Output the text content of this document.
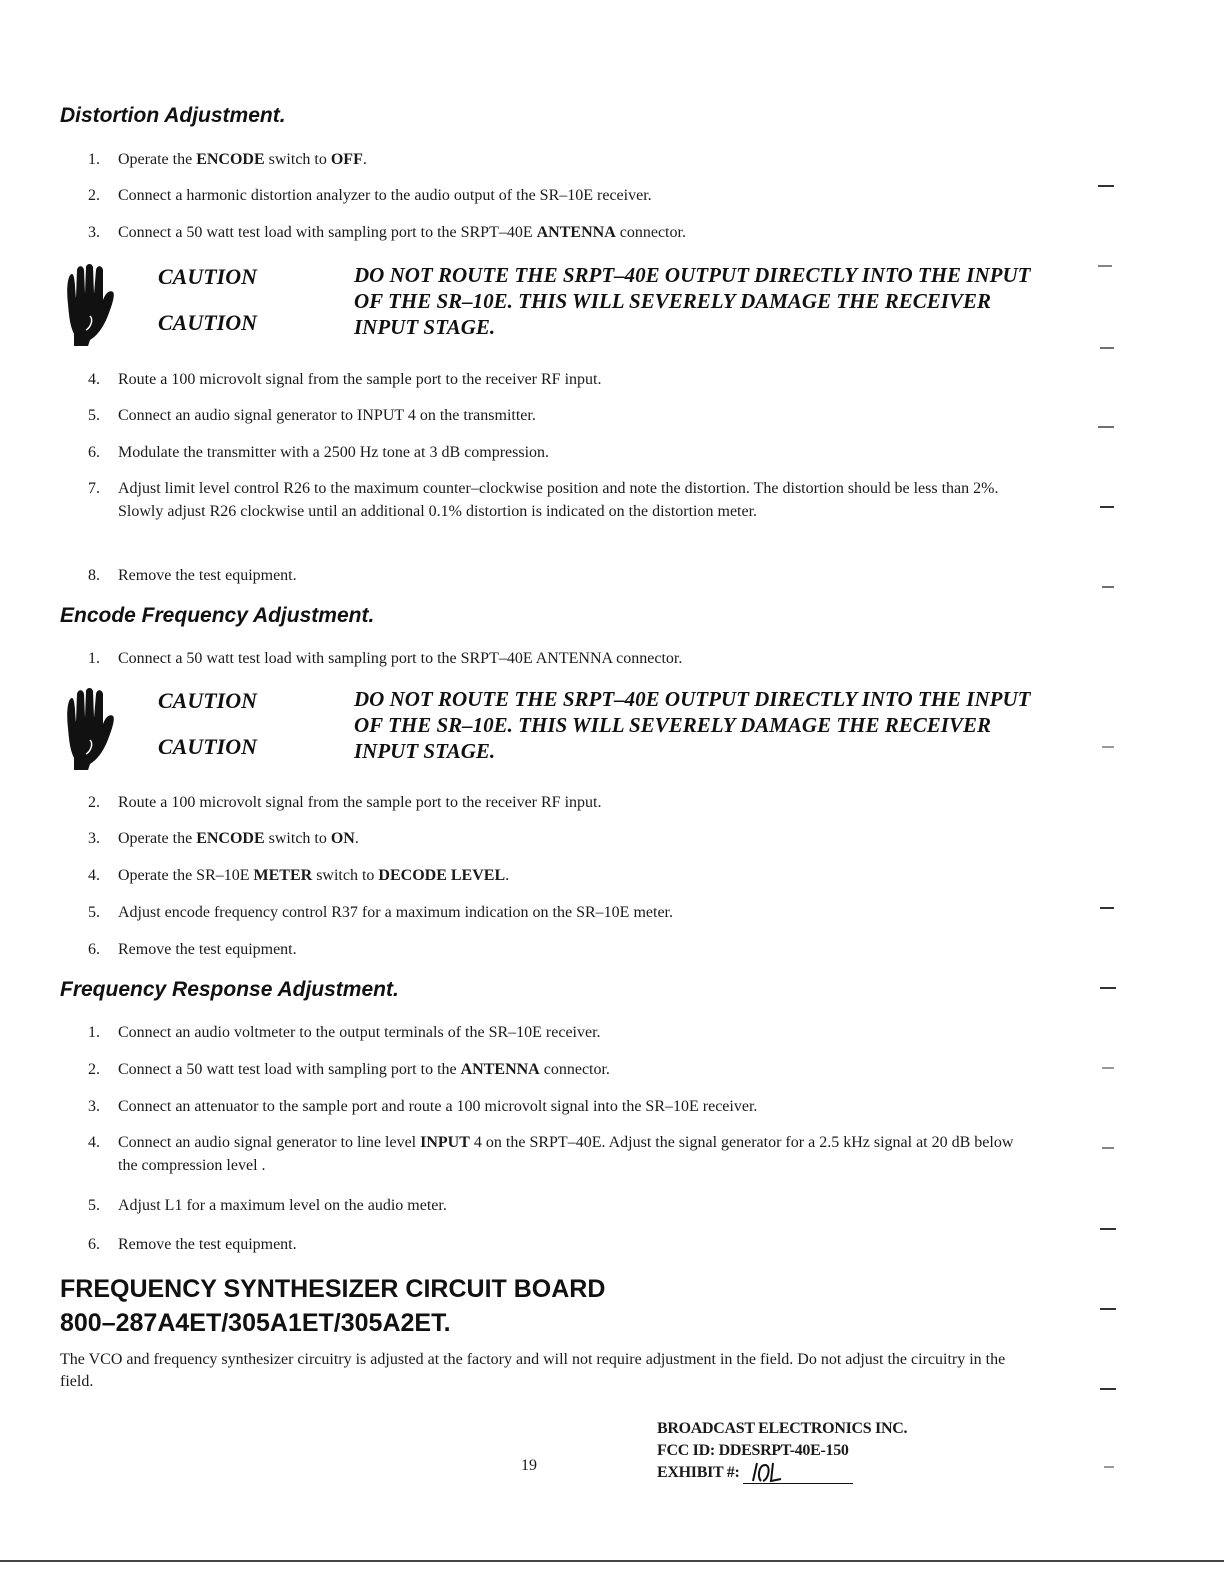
Distortion Adjustment.
1.	Operate the ENCODE switch to OFF.
2.	Connect a harmonic distortion analyzer to the audio output of the SR–10E receiver.
3.	Connect a 50 watt test load with sampling port to the SRPT–40E ANTENNA connector.
CAUTION
CAUTION
DO NOT ROUTE THE SRPT–40E OUTPUT DIRECTLY INTO THE INPUT OF THE SR–10E. THIS WILL SEVERELY DAMAGE THE RECEIVER INPUT STAGE.
4.	Route a 100 microvolt signal from the sample port to the receiver RF input.
5.	Connect an audio signal generator to INPUT 4 on the transmitter.
6.	Modulate the transmitter with a 2500 Hz tone at 3 dB compression.
7.	Adjust limit level control R26 to the maximum counter–clockwise position and note the distortion. The distortion should be less than 2%. Slowly adjust R26 clockwise until an additional 0.1% distortion is indicated on the distortion meter.
8.	Remove the test equipment.
Encode Frequency Adjustment.
1.	Connect a 50 watt test load with sampling port to the SRPT–40E ANTENNA connector.
CAUTION
CAUTION
DO NOT ROUTE THE SRPT–40E OUTPUT DIRECTLY INTO THE INPUT OF THE SR–10E. THIS WILL SEVERELY DAMAGE THE RECEIVER INPUT STAGE.
2.	Route a 100 microvolt signal from the sample port to the receiver RF input.
3.	Operate the ENCODE switch to ON.
4.	Operate the SR–10E METER switch to DECODE LEVEL.
5.	Adjust encode frequency control R37 for a maximum indication on the SR–10E meter.
6.	Remove the test equipment.
Frequency Response Adjustment.
1.	Connect an audio voltmeter to the output terminals of the SR–10E receiver.
2.	Connect a 50 watt test load with sampling port to the ANTENNA connector.
3.	Connect an attenuator to the sample port and route a 100 microvolt signal into the SR–10E receiver.
4.	Connect an audio signal generator to line level INPUT 4 on the SRPT–40E. Adjust the signal generator for a 2.5 kHz signal at 20 dB below the compression level .
5.	Adjust L1 for a maximum level on the audio meter.
6.	Remove the test equipment.
FREQUENCY SYNTHESIZER CIRCUIT BOARD
800–287A4ET/305A1ET/305A2ET.

The VCO and frequency synthesizer circuitry is adjusted at the factory and will not require adjustment in the field. Do not adjust the circuitry in the field.

19
BROADCAST ELECTRONICS INC.
FCC ID: DDESRPT-40E-150
EXHIBIT #:
